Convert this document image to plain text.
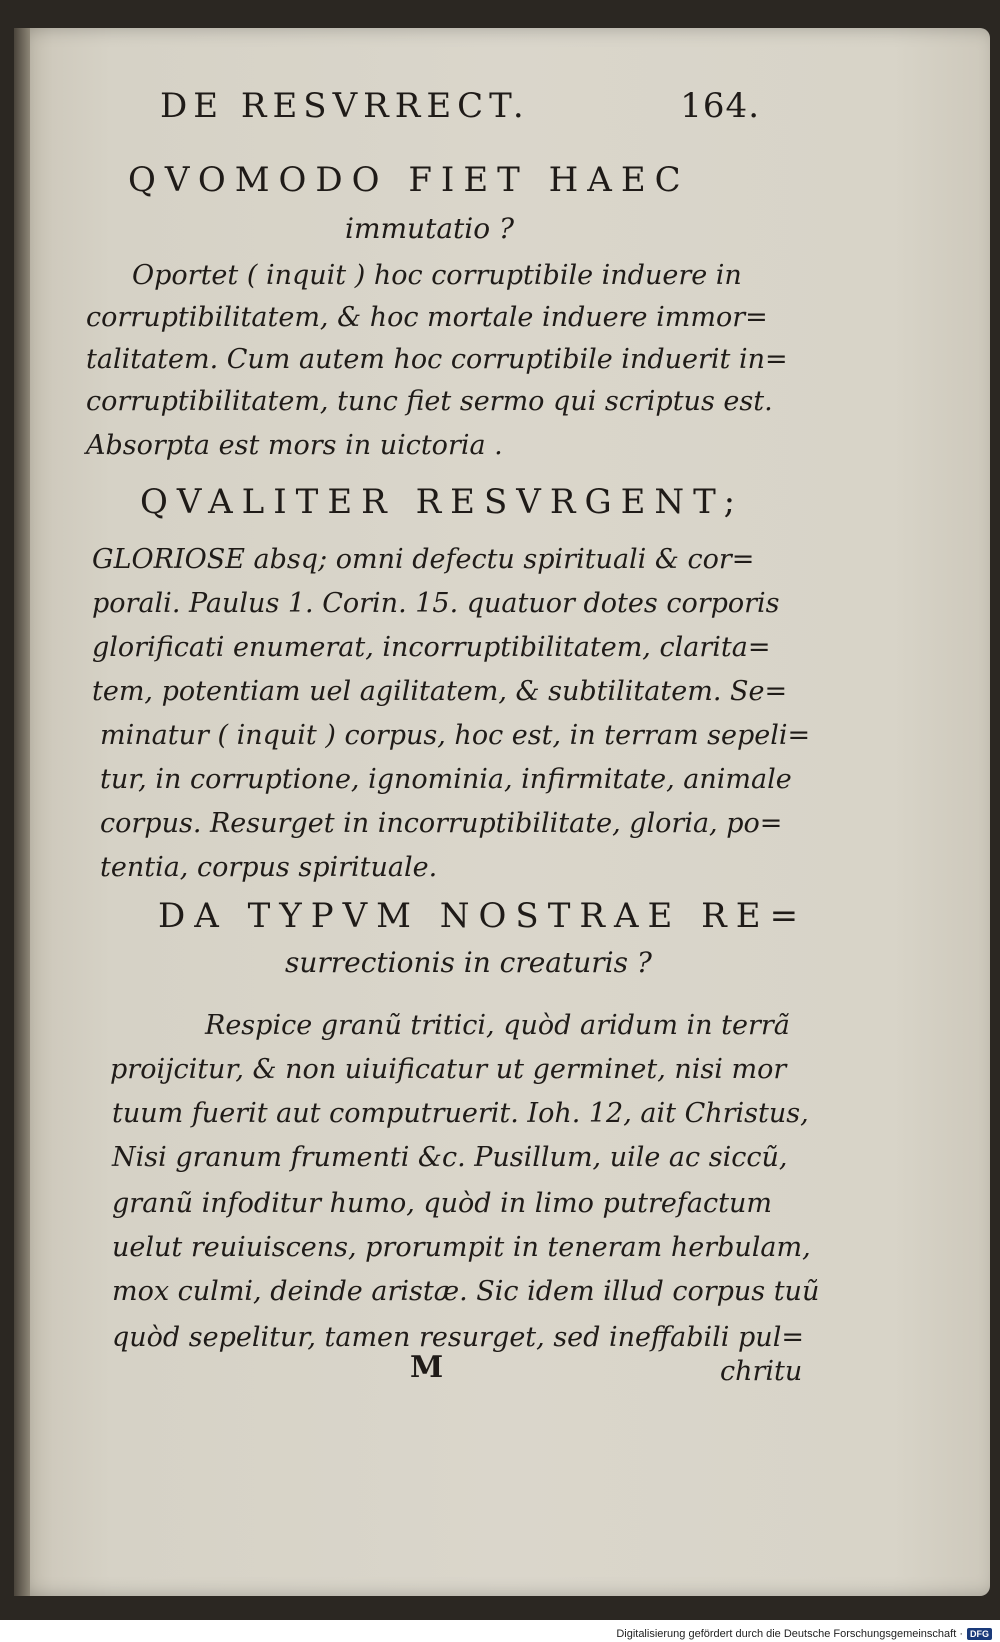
DE RESVRRECT.	164.
QVOMODO FIET HAEC
immutatio ?
Oportet ( inquit ) hoc corruptibile induere in
corruptibilitatem, & hoc mortale induere immor=
talitatem. Cum autem hoc corruptibile induerit in=
corruptibilitatem, tunc fiet sermo qui scriptus est.
Absorpta est mors in uictoria .
QVALITER RESVRGENT;
GLORIOSE absq; omni defectu spirituali & cor=
porali. Paulus 1. Corin. 15. quatuor dotes corporis
glorificati enumerat, incorruptibilitatem, clarita=
tem, potentiam uel agilitatem, & subtilitatem. Se=
minatur ( inquit ) corpus, hoc est, in terram sepeli=
tur, in corruptione, ignominia, infirmitate, animale
corpus. Resurget in incorruptibilitate, gloria, po=
tentia, corpus spirituale.
DA TYPVM NOSTRAE RE=
surrectionis in creaturis ?
Respice granũ tritici, quòd aridum in terrã
proijcitur, & non uiuificatur ut germinet, nisi mor
tuum fuerit aut computruerit. Ioh. 12, ait Christus,
Nisi granum frumenti &c. Pusillum, uile ac siccũ,
granũ infoditur humo, quòd in limo putrefactum
uelut reuiuiscens, prorumpit in teneram herbulam,
mox culmi, deinde aristæ. Sic idem illud corpus tuũ
quòd sepelitur, tamen resurget, sed ineffabili pul=
M	chritu
Digitalisierung gefördert durch die Deutsche Forschungsgemeinschaft · DFG
